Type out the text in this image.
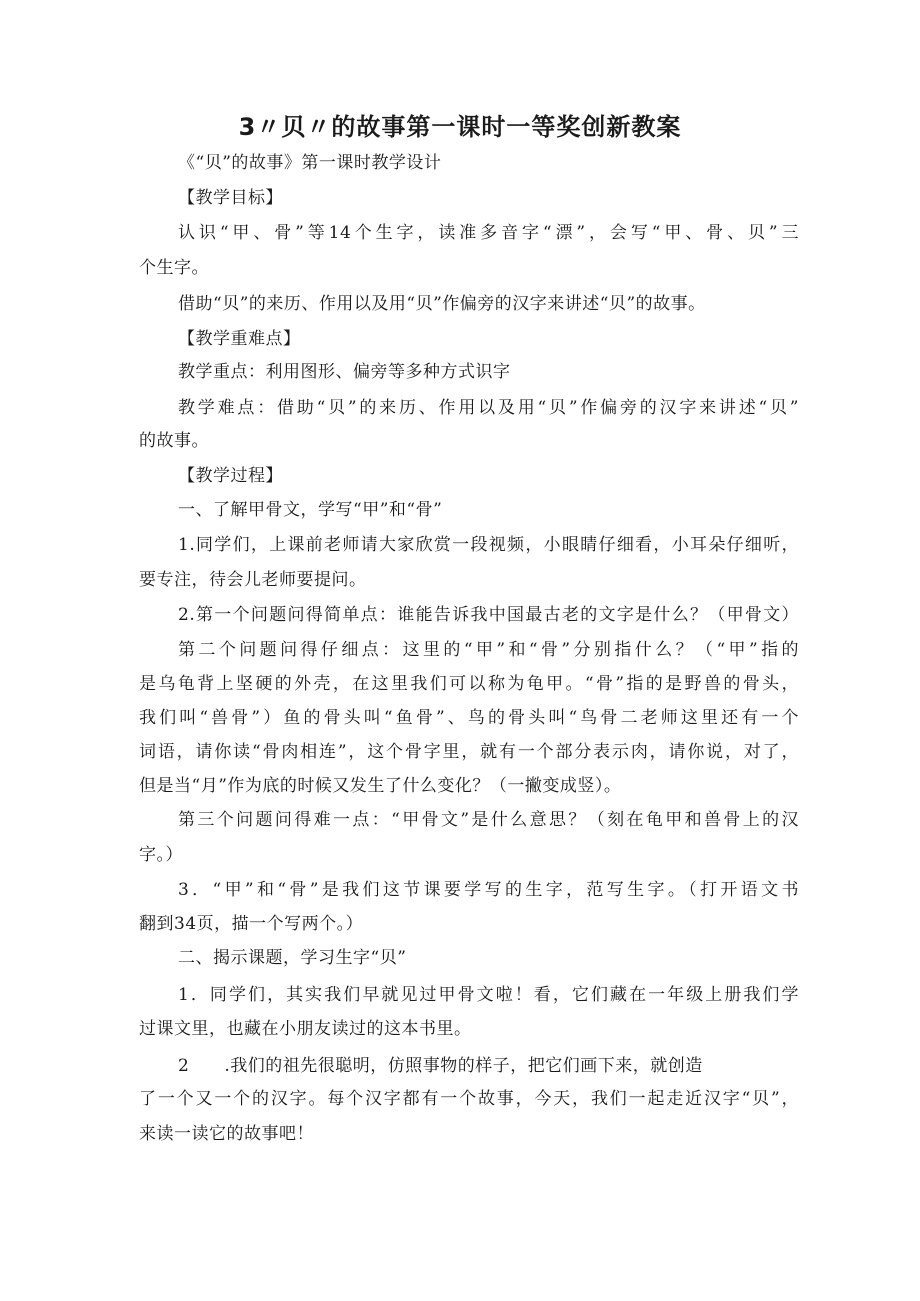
3〃贝〃的故事第一课时一等奖创新教案
《“贝”的故事》第一课时教学设计
【教学目标】
认识“甲、骨”等14个生字，读准多音字“漂”，会写“甲、骨、贝”三
个生字。
借助“贝”的来历、作用以及用“贝”作偏旁的汉字来讲述“贝”的故事。
【教学重难点】
教学重点：利用图形、偏旁等多种方式识字
教学难点：借助“贝”的来历、作用以及用“贝”作偏旁的汉字来讲述“贝”
的故事。
【教学过程】
一、了解甲骨文，学写“甲”和“骨”
1.同学们，上课前老师请大家欣赏一段视频，小眼睛仔细看，小耳朵仔细听，
要专注，待会儿老师要提问。
2.第一个问题问得简单点：谁能告诉我中国最古老的文字是什么？（甲骨文）
第二个问题问得仔细点：这里的“甲”和“骨”分别指什么？（“甲”指的
是乌龟背上坚硬的外壳，在这里我们可以称为龟甲。“骨”指的是野兽的骨头，
我们叫“兽骨”）鱼的骨头叫“鱼骨”、鸟的骨头叫“鸟骨二老师这里还有一个
词语，请你读“骨肉相连”，这个骨字里，就有一个部分表示肉，请你说，对了，
但是当“月”作为底的时候又发生了什么变化？（一撇变成竖）。
第三个问题问得难一点：“甲骨文”是什么意思？（刻在龟甲和兽骨上的汉
字。）
3．“甲”和“骨”是我们这节课要学写的生字，范写生字。（打开语文书
翻到34页，描一个写两个。）
二、揭示课题，学习生字“贝”
1．同学们，其实我们早就见过甲骨文啦！看，它们藏在一年级上册我们学
过课文里，也藏在小朋友读过的这本书里。
2　　.我们的祖先很聪明，仿照事物的样子，把它们画下来，就创造
了一个又一个的汉字。每个汉字都有一个故事，今天，我们一起走近汉字“贝”，
来读一读它的故事吧！
